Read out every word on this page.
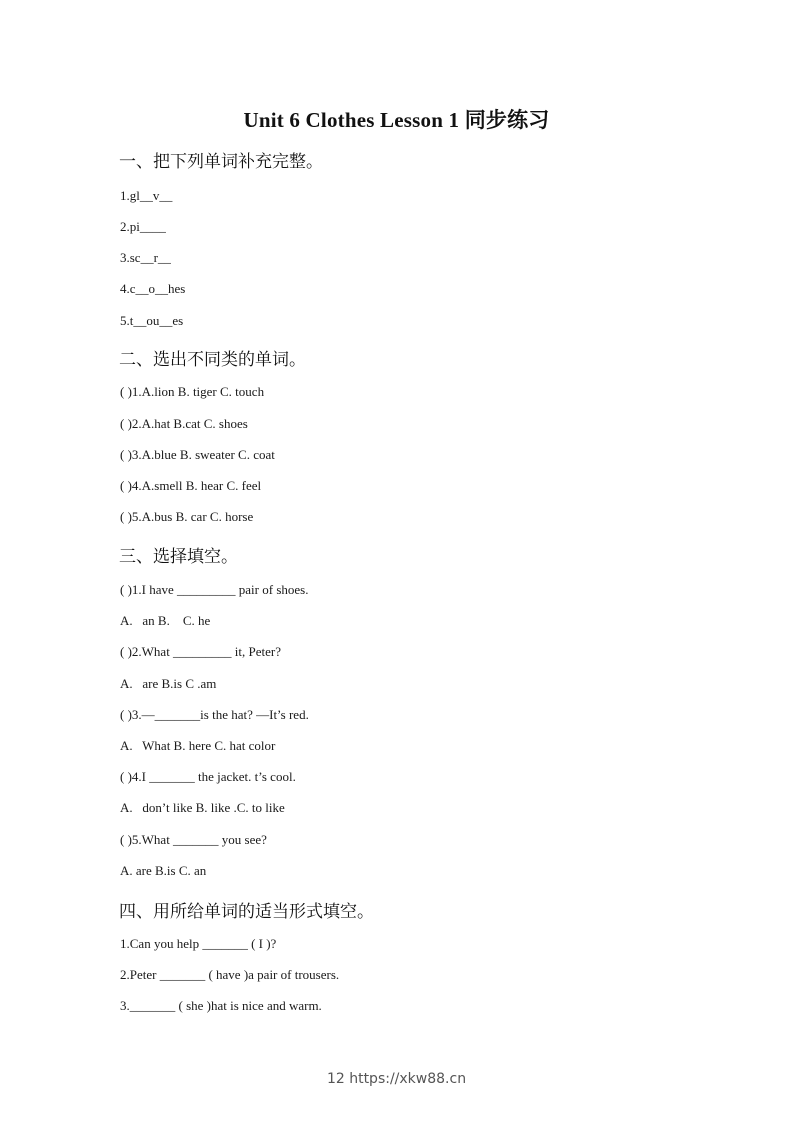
Unit 6 Clothes Lesson 1 同步练习
一、把下列单词补充完整。
1.gl__v__
2.pi____
3.sc__r__
4.c__o__hes
5.t__ou__es
二、选出不同类的单词。
( )1.A.lion B. tiger C. touch
( )2.A.hat B.cat C. shoes
( )3.A.blue B. sweater C. coat
( )4.A.smell B. hear C. feel
( )5.A.bus B. car C. horse
三、选择填空。
( )1.I have _________ pair of shoes.
A.   an B.    C. he
( )2.What _________ it, Peter?
A.   are B.is C .am
( )3.—_______is the hat? —It’s red.
A.   What B. here C. hat color
( )4.I _______ the jacket. t’s cool.
A.   don’t like B. like .C. to like
( )5.What _______ you see?
A. are B.is C. an
四、用所给单词的适当形式填空。
1.Can you help _______ ( I )?
2.Peter _______ ( have )a pair of trousers.
3._______ ( she )hat is nice and warm.
12 https://xkw88.cn
